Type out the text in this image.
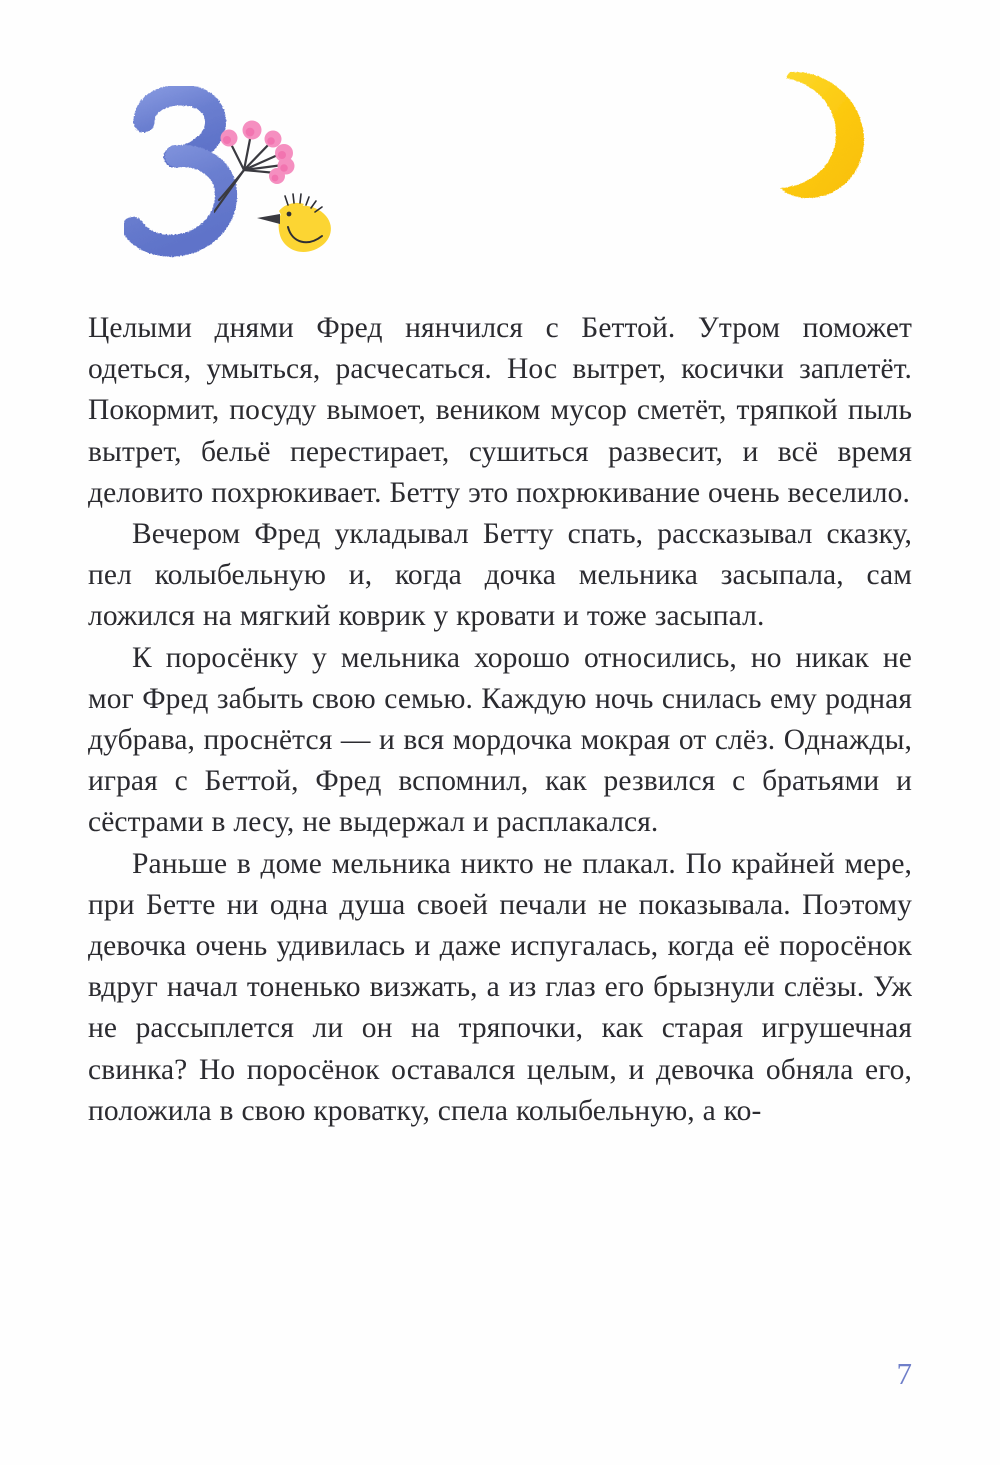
Целыми днями Фред нянчился с Беттой. Утром поможет одеться, умыться, расчесаться. Нос вытрет, косички заплетёт. Покормит, посуду вымоет, веником мусор сметёт, тряпкой пыль вытрет, бельё перестирает, сушиться развесит, и всё время деловито похрюкивает. Бетту это похрюкивание очень веселило.

Вечером Фред укладывал Бетту спать, рассказывал сказку, пел колыбельную и, когда дочка мельника засыпала, сам ложился на мягкий коврик у кровати и тоже засыпал.

К поросёнку у мельника хорошо относились, но никак не мог Фред забыть свою семью. Каждую ночь снилась ему родная дубрава, проснётся — и вся мордочка мокрая от слёз. Однажды, играя с Беттой, Фред вспомнил, как резвился с братьями и сёстрами в лесу, не выдержал и расплакался.

Раньше в доме мельника никто не плакал. По крайней мере, при Бетте ни одна душа своей печали не показывала. Поэтому девочка очень удивилась и даже испугалась, когда её поросёнок вдруг начал тоненько визжать, а из глаз его брызнули слёзы. Уж не рассыплется ли он на тряпочки, как старая игрушечная свинка? Но поросёнок оставался целым, и девочка обняла его, положила в свою кроватку, спела колыбельную, а ко-

7
